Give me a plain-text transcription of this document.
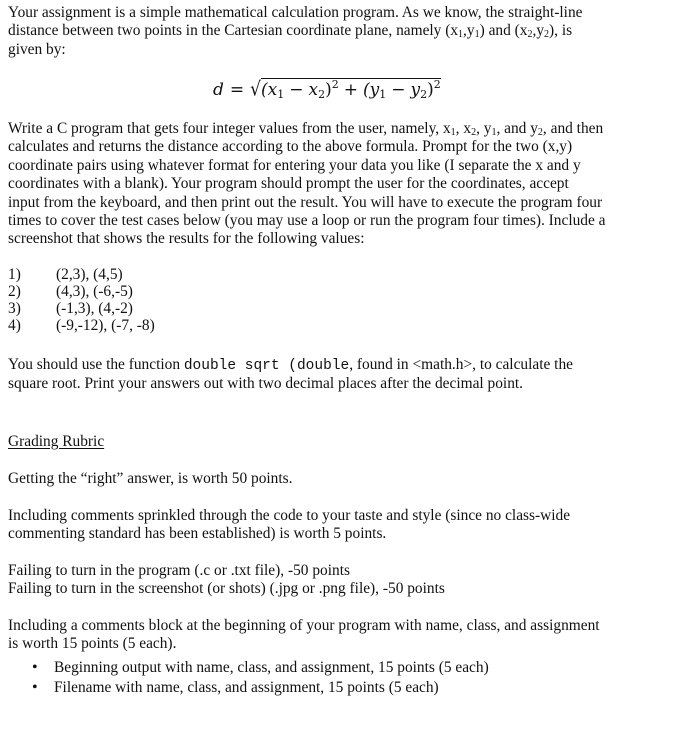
Your assignment is a simple mathematical calculation program. As we know, the straight-line

distance between two points in the Cartesian coordinate plane, namely $(x_1,y_1)$ and $(x_2,y_2)$, is

given by:

$d = √(x_1 - x_2)^2 + (y_1 - y_2)^2$

Write a C program that gets four integer values from the user, namely, $x_1$, $x_2$, $y_1$, and $y_2$, and then

calculates and returns the distance according to the above formula. Prompt for the two (x,y)

coordinate pairs using whatever format for entering your data you like (I separate the x and y

coordinates with a blank). Your program should prompt the user for the coordinates, accept

input from the keyboard, and then print out the result. You will have to execute the program four

times to cover the test cases below (you may use a loop or run the program four times). Include a

screenshot that shows the results for the following values:

1)	(2,3), (4,5)
2)	(4,3), (-6,-5)
3)	(-1,3), (4,-2)
4)	(-9,-12), (-7, -8)

You should use the function double sqrt (double, found in <math.h>, to calculate the

square root. Print your answers out with two decimal places after the decimal point.

Grading Rubric

Getting the “right” answer, is worth 50 points.

Including comments sprinkled through the code to your taste and style (since no class-wide

commenting standard has been established) is worth 5 points.

Failing to turn in the program (.c or .txt file), -50 points

Failing to turn in the screenshot (or shots) (.jpg or .png file), -50 points

Including a comments block at the beginning of your program with name, class, and assignment

is worth 15 points (5 each).

•	Beginning output with name, class, and assignment, 15 points (5 each)
•	Filename with name, class, and assignment, 15 points (5 each)
